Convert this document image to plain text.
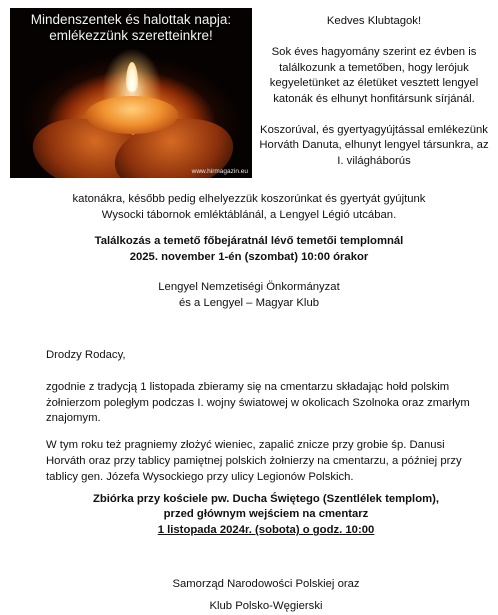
Mindenszentek és halottak napja:
emlékezzünk szeretteinkre!
www.hirmagazin.eu

Kedves Klubtagok!

Sok éves hagyomány szerint ez évben is találkozunk a temetőben, hogy lerójuk kegyeletünket az életüket vesztett lengyel katonák és elhunyt honfitársunk sírjánál.

Koszorúval, és gyertyagyújtással emlékezünk Horváth Danuta, elhunyt lengyel társunkra, az I. világháborús

katonákra, később pedig elhelyezzük koszorúnkat és gyertyát gyújtunk
Wysocki tábornok emléktáblánál, a Lengyel Légió utcában.
Találkozás a temető főbejáratnál lévő temetői templomnál
2025. november 1-én (szombat) 10:00 órakor
Lengyel Nemzetiségi Önkormányzat
és a Lengyel – Magyar Klub

Drodzy Rodacy,

zgodnie z tradycją 1 listopada zbieramy się na cmentarzu składając hołd polskim żołnierzom poległym podczas I. wojny światowej w okolicach Szolnoka oraz zmarłym znajomym.

W tym roku też pragniemy złożyć wieniec, zapalić znicze przy grobie śp. Danusi Horváth oraz przy tablicy pamiętnej polskich żołnierzy na cmentarzu, a później przy tablicy gen. Józefa Wysockiego przy ulicy Legionów Polskich.

Zbiórka przy kościele pw. Ducha Świętego (Szentlélek templom),
przed głównym wejściem na cmentarz
1 listopada 2024r. (sobota) o godz. 10:00
Samorząd Narodowości Polskiej oraz
Klub Polsko-Węgierski
